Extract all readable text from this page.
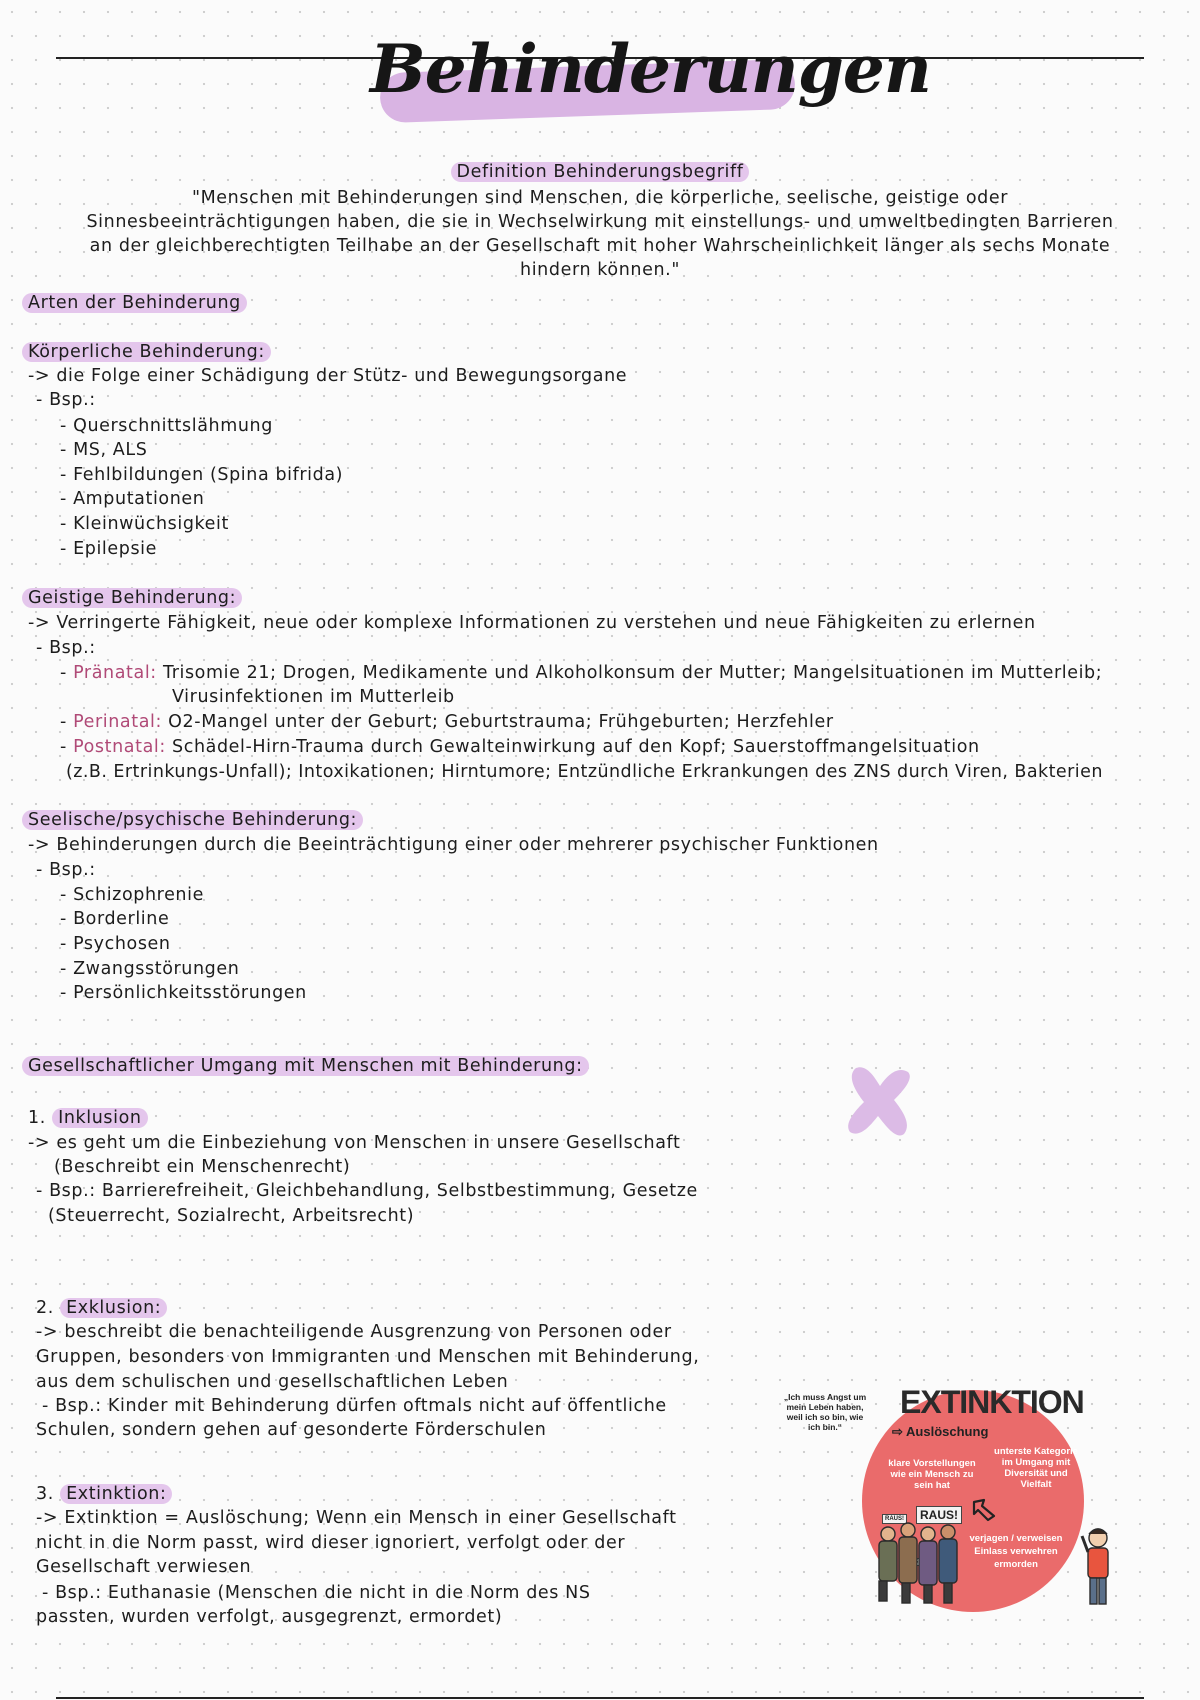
Behinderungen
Definition Behinderungsbegriff
"Menschen mit Behinderungen sind Menschen, die körperliche, seelische, geistige oder
Sinnesbeeinträchtigungen haben, die sie in Wechselwirkung mit einstellungs- und umweltbedingten Barrieren
an der gleichberechtigten Teilhabe an der Gesellschaft mit hoher Wahrscheinlichkeit länger als sechs Monate
hindern können."
Arten der Behinderung
Körperliche Behinderung:
-> die Folge einer Schädigung der Stütz- und Bewegungsorgane
- Bsp.:
- Querschnittslähmung
- MS, ALS
- Fehlbildungen (Spina bifrida)
- Amputationen
- Kleinwüchsigkeit
- Epilepsie
Geistige Behinderung:
-> Verringerte Fähigkeit, neue oder komplexe Informationen zu verstehen und neue Fähigkeiten zu erlernen
- Bsp.:
- Pränatal: Trisomie 21; Drogen, Medikamente und Alkoholkonsum der Mutter; Mangelsituationen im Mutterleib;
Virusinfektionen im Mutterleib
- Perinatal: O2-Mangel unter der Geburt; Geburtstrauma; Frühgeburten; Herzfehler
- Postnatal: Schädel-Hirn-Trauma durch Gewalteinwirkung auf den Kopf; Sauerstoffmangelsituation
(z.B. Ertrinkungs-Unfall); Intoxikationen; Hirntumore; Entzündliche Erkrankungen des ZNS durch Viren, Bakterien
Seelische/psychische Behinderung:
-> Behinderungen durch die Beeinträchtigung einer oder mehrerer psychischer Funktionen
- Bsp.:
- Schizophrenie
- Borderline
- Psychosen
- Zwangsstörungen
- Persönlichkeitsstörungen
Gesellschaftlicher Umgang mit Menschen mit Behinderung:
1. Inklusion
-> es geht um die Einbeziehung von Menschen in unsere Gesellschaft
(Beschreibt ein Menschenrecht)
- Bsp.: Barrierefreiheit, Gleichbehandlung, Selbstbestimmung, Gesetze
(Steuerrecht, Sozialrecht, Arbeitsrecht)
2. Exklusion:
-> beschreibt die benachteiligende Ausgrenzung von Personen oder
Gruppen, besonders von Immigranten und Menschen mit Behinderung,
aus dem schulischen und gesellschaftlichen Leben
- Bsp.: Kinder mit Behinderung dürfen oftmals nicht auf öffentliche
Schulen, sondern gehen auf gesonderte Förderschulen
3. Extinktion:
-> Extinktion = Auslöschung; Wenn ein Mensch in einer Gesellschaft
nicht in die Norm passt, wird dieser ignoriert, verfolgt oder der
Gesellschaft verwiesen
- Bsp.: Euthanasie (Menschen die nicht in die Norm des NS
passten, wurden verfolgt, ausgegrenzt, ermordet)
EXTINKTION
„Ich muss Angst um mein Leben haben, weil ich so bin, wie ich bin.“	⇨ Auslöschung
klare Vorstellungen wie ein Mensch zu sein hat
unterste Kategorie im Umgang mit Diversität und Vielfalt
verjagen / verweisen Einlass verwehren ermorden
RAUS!
RAUS!
